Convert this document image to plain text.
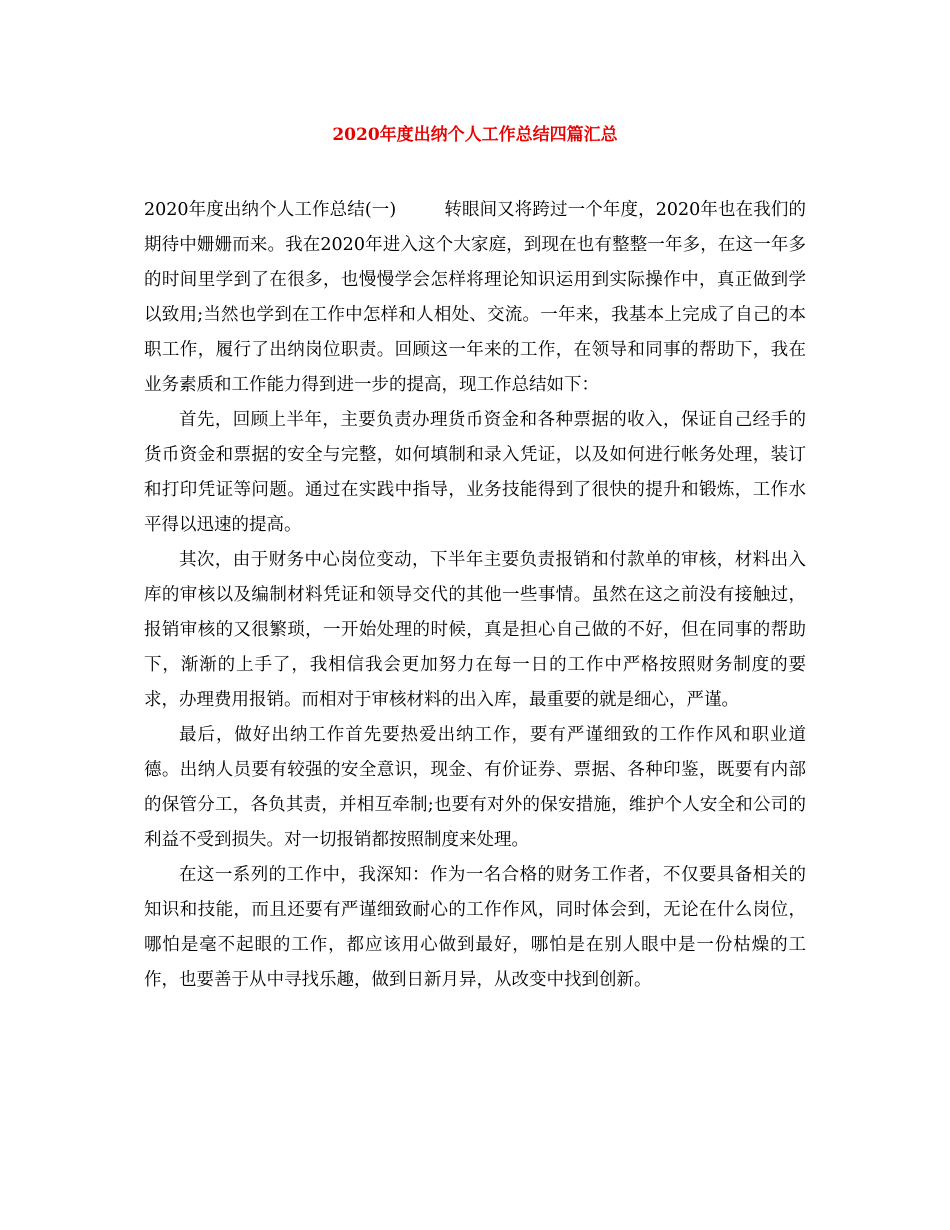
2020年度出纳个人工作总结四篇汇总

2020年度出纳个人工作总结(一)	转眼间又将跨过一个年度，2020年也在我们的期待中姗姗而来。我在2020年进入这个大家庭，到现在也有整整一年多，在这一年多的时间里学到了在很多，也慢慢学会怎样将理论知识运用到实际操作中，真正做到学以致用;当然也学到在工作中怎样和人相处、交流。一年来，我基本上完成了自己的本职工作，履行了出纳岗位职责。回顾这一年来的工作，在领导和同事的帮助下，我在业务素质和工作能力得到进一步的提高，现工作总结如下：

首先，回顾上半年，主要负责办理货币资金和各种票据的收入，保证自己经手的货币资金和票据的安全与完整，如何填制和录入凭证，以及如何进行帐务处理，装订和打印凭证等问题。通过在实践中指导，业务技能得到了很快的提升和锻炼，工作水平得以迅速的提高。

其次，由于财务中心岗位变动，下半年主要负责报销和付款单的审核，材料出入库的审核以及编制材料凭证和领导交代的其他一些事情。虽然在这之前没有接触过，报销审核的又很繁琐，一开始处理的时候，真是担心自己做的不好，但在同事的帮助下，渐渐的上手了，我相信我会更加努力在每一日的工作中严格按照财务制度的要求，办理费用报销。而相对于审核材料的出入库，最重要的就是细心，严谨。

最后，做好出纳工作首先要热爱出纳工作，要有严谨细致的工作作风和职业道德。出纳人员要有较强的安全意识，现金、有价证券、票据、各种印鉴，既要有内部的保管分工，各负其责，并相互牵制;也要有对外的保安措施，维护个人安全和公司的利益不受到损失。对一切报销都按照制度来处理。

在这一系列的工作中，我深知：作为一名合格的财务工作者，不仅要具备相关的知识和技能，而且还要有严谨细致耐心的工作作风，同时体会到，无论在什么岗位，哪怕是毫不起眼的工作，都应该用心做到最好，哪怕是在别人眼中是一份枯燥的工作，也要善于从中寻找乐趣，做到日新月异，从改变中找到创新。
